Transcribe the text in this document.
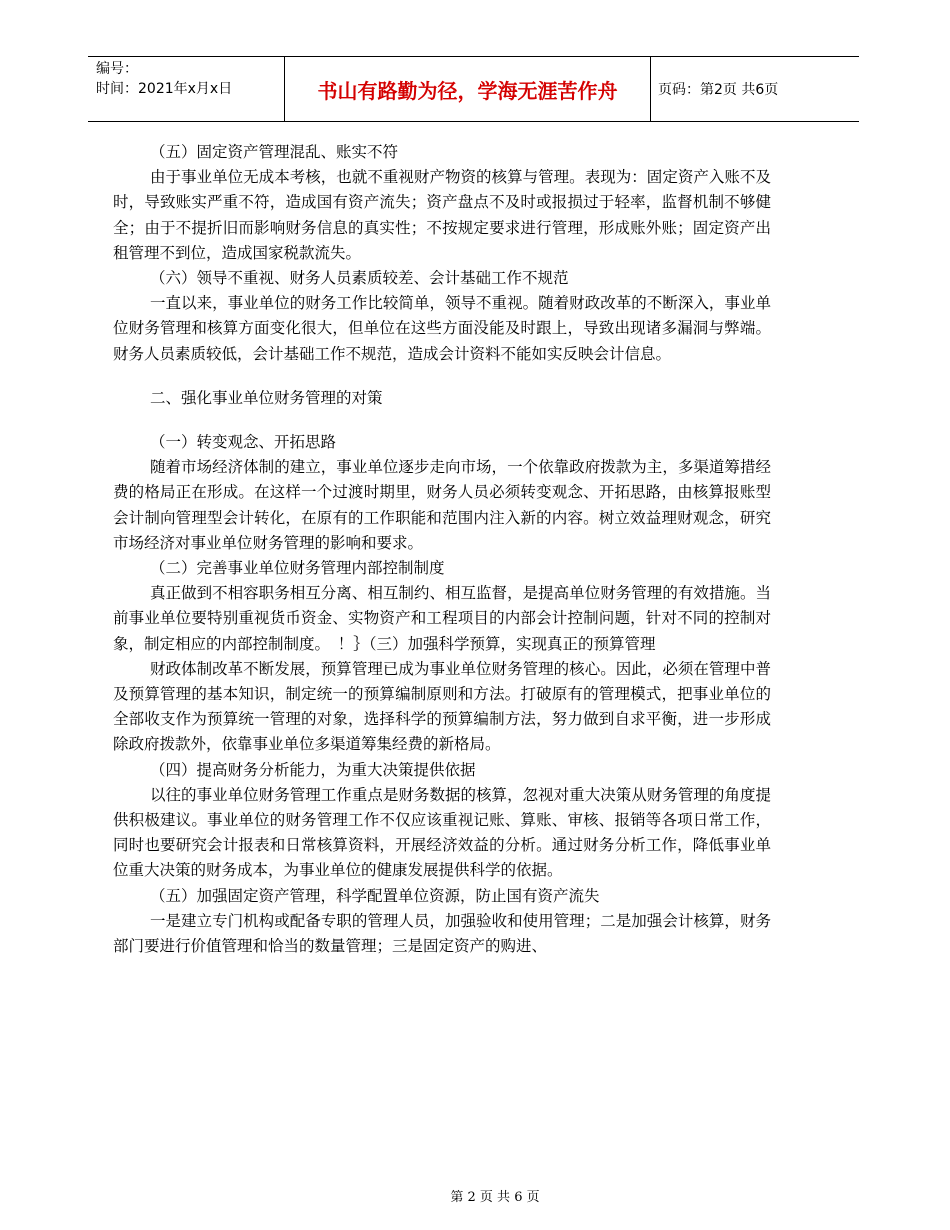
编号：
时间：2021年x月x日	书山有路勤为径，学海无涯苦作舟	页码：第2页 共6页

（五）固定资产管理混乱、账实不符

由于事业单位无成本考核，也就不重视财产物资的核算与管理。表现为：固定资产入账不及时，导致账实严重不符，造成国有资产流失；资产盘点不及时或报损过于轻率，监督机制不够健全；由于不提折旧而影响财务信息的真实性；不按规定要求进行管理，形成账外账；固定资产出租管理不到位，造成国家税款流失。

（六）领导不重视、财务人员素质较差、会计基础工作不规范

一直以来，事业单位的财务工作比较简单，领导不重视。随着财政改革的不断深入，事业单位财务管理和核算方面变化很大，但单位在这些方面没能及时跟上，导致出现诸多漏洞与弊端。财务人员素质较低，会计基础工作不规范，造成会计资料不能如实反映会计信息。

二、强化事业单位财务管理的对策

（一）转变观念、开拓思路

随着市场经济体制的建立，事业单位逐步走向市场，一个依靠政府拨款为主，多渠道筹措经费的格局正在形成。在这样一个过渡时期里，财务人员必须转变观念、开拓思路，由核算报账型会计制向管理型会计转化，在原有的工作职能和范围内注入新的内容。树立效益理财观念，研究市场经济对事业单位财务管理的影响和要求。

（二）完善事业单位财务管理内部控制制度

真正做到不相容职务相互分离、相互制约、相互监督，是提高单位财务管理的有效措施。当前事业单位要特别重视货币资金、实物资产和工程项目的内部会计控制问题，针对不同的控制对象，制定相应的内部控制制度。　！｝（三）加强科学预算，实现真正的预算管理

财政体制改革不断发展，预算管理已成为事业单位财务管理的核心。因此，必须在管理中普及预算管理的基本知识，制定统一的预算编制原则和方法。打破原有的管理模式，把事业单位的全部收支作为预算统一管理的对象，选择科学的预算编制方法，努力做到自求平衡，进一步形成除政府拨款外，依靠事业单位多渠道筹集经费的新格局。

（四）提高财务分析能力，为重大决策提供依据

以往的事业单位财务管理工作重点是财务数据的核算，忽视对重大决策从财务管理的角度提供积极建议。事业单位的财务管理工作不仅应该重视记账、算账、审核、报销等各项日常工作，同时也要研究会计报表和日常核算资料，开展经济效益的分析。通过财务分析工作，降低事业单位重大决策的财务成本，为事业单位的健康发展提供科学的依据。

（五）加强固定资产管理，科学配置单位资源，防止国有资产流失

一是建立专门机构或配备专职的管理人员，加强验收和使用管理；二是加强会计核算，财务部门要进行价值管理和恰当的数量管理；三是固定资产的购进、

第 2 页 共 6 页
